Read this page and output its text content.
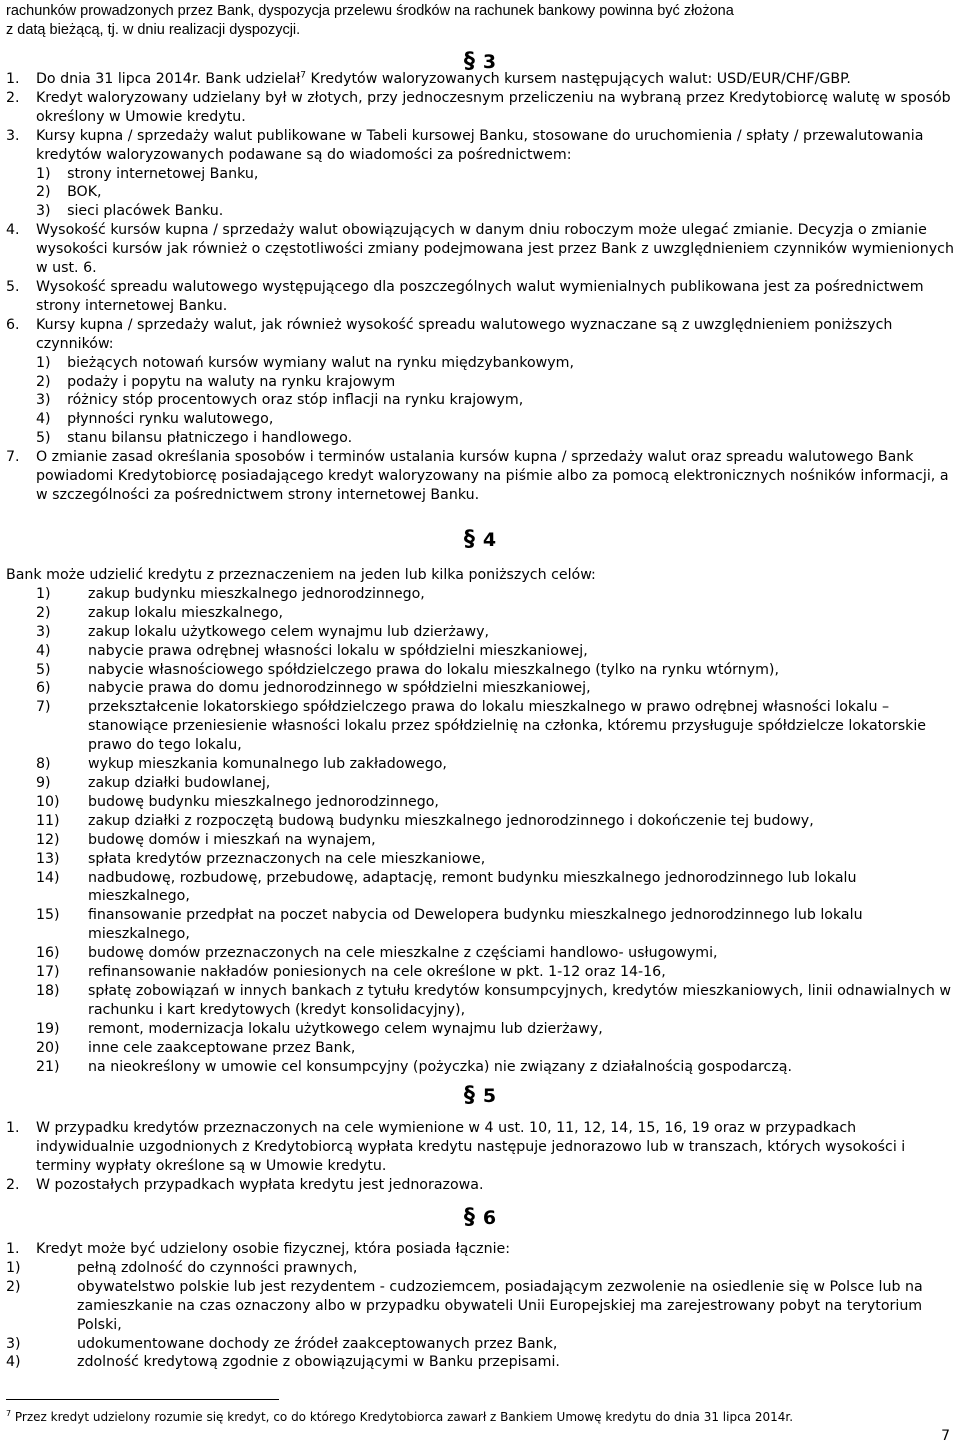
rachunków prowadzonych przez Bank, dyspozycja przelewu środków na rachunek bankowy powinna być złożona
z datą bieżącą, tj. w dniu realizacji dyspozycji.
§ 3
1. Do dnia 31 lipca 2014r. Bank udzielał$^7$ Kredytów waloryzowanych kursem następujących walut: USD/EUR/CHF/GBP.
2. Kredyt waloryzowany udzielany był w złotych, przy jednoczesnym przeliczeniu na wybraną przez Kredytobiorcę walutę w sposób określony w Umowie kredytu.
3. Kursy kupna / sprzedaży walut publikowane w Tabeli kursowej Banku, stosowane do uruchomienia / spłaty / przewalutowania kredytów waloryzowanych podawane są do wiadomości za pośrednictwem:
1) strony internetowej Banku,
2) BOK,
3) sieci placówek Banku.
4. Wysokość kursów kupna / sprzedaży walut obowiązujących w danym dniu roboczym może ulegać zmianie. Decyzja o zmianie wysokości kursów jak również o częstotliwości zmiany podejmowana jest przez Bank z uwzględnieniem czynników wymienionych w ust. 6.
5. Wysokość spreadu walutowego występującego dla poszczególnych walut wymienialnych publikowana jest za pośrednictwem strony internetowej Banku.
6. Kursy kupna / sprzedaży walut, jak również wysokość spreadu walutowego wyznaczane są z uwzględnieniem poniższych czynników:
1) bieżących notowań kursów wymiany walut na rynku międzybankowym,
2) podaży i popytu na waluty na rynku krajowym
3) różnicy stóp procentowych oraz stóp inflacji na rynku krajowym,
4) płynności rynku walutowego,
5) stanu bilansu płatniczego i handlowego.
7. O zmianie zasad określania sposobów i terminów ustalania kursów kupna / sprzedaży walut oraz spreadu walutowego Bank powiadomi Kredytobiorcę posiadającego kredyt waloryzowany na piśmie albo za pomocą elektronicznych nośników informacji, a w szczególności za pośrednictwem strony internetowej Banku.
§ 4
Bank może udzielić kredytu z przeznaczeniem na jeden lub kilka poniższych celów:
1)	zakup budynku mieszkalnego jednorodzinnego,
2)	zakup lokalu mieszkalnego,
3)	zakup lokalu użytkowego celem wynajmu lub dzierżawy,
4)	nabycie prawa odrębnej własności lokalu w spółdzielni mieszkaniowej,
5)	nabycie własnościowego spółdzielczego prawa do lokalu mieszkalnego (tylko na rynku wtórnym),
6)	nabycie prawa do domu jednorodzinnego w spółdzielni mieszkaniowej,
7)	przekształcenie lokatorskiego spółdzielczego prawa do lokalu mieszkalnego w prawo odrębnej własności lokalu – stanowiące przeniesienie własności lokalu przez spółdzielnię na członka, któremu przysługuje spółdzielcze lokatorskie prawo do tego lokalu,
8)	wykup mieszkania komunalnego lub zakładowego,
9)	zakup działki budowlanej,
10) budowę budynku mieszkalnego jednorodzinnego,
11) zakup działki z rozpoczętą budową budynku mieszkalnego jednorodzinnego i dokończenie tej budowy,
12) budowę domów i mieszkań na wynajem,
13) spłata kredytów przeznaczonych na cele mieszkaniowe,
14) nadbudowę, rozbudowę, przebudowę, adaptację, remont budynku mieszkalnego jednorodzinnego lub lokalu mieszkalnego,
15) finansowanie przedpłat na poczet nabycia od Dewelopera budynku mieszkalnego jednorodzinnego lub lokalu mieszkalnego,
16) budowę domów przeznaczonych na cele mieszkalne z częściami handlowo- usługowymi,
17) refinansowanie nakładów poniesionych na cele określone w pkt. 1-12 oraz 14-16,
18) spłatę zobowiązań w innych bankach z tytułu kredytów konsumpcyjnych, kredytów mieszkaniowych, linii odnawialnych w rachunku i kart kredytowych (kredyt konsolidacyjny),
19) remont, modernizacja lokalu użytkowego celem wynajmu lub dzierżawy,
20) inne cele zaakceptowane przez Bank,
21) na nieokreślony w umowie cel konsumpcyjny (pożyczka) nie związany z działalnością gospodarczą.
§ 5
1. W przypadku kredytów przeznaczonych na cele wymienione w 4 ust. 10, 11, 12, 14, 15, 16, 19 oraz w przypadkach indywidualnie uzgodnionych z Kredytobiorcą wypłata kredytu następuje jednorazowo lub w transzach, których wysokości i terminy wypłaty określone są w Umowie kredytu.
2. W pozostałych przypadkach wypłata kredytu jest jednorazowa.
§ 6
1. Kredyt może być udzielony osobie fizycznej, która posiada łącznie:
1)	pełną zdolność do czynności prawnych,
2)	obywatelstwo polskie lub jest rezydentem - cudzoziemcem, posiadającym zezwolenie na osiedlenie się w Polsce lub na zamieszkanie na czas oznaczony albo w przypadku obywateli Unii Europejskiej ma zarejestrowany pobyt na terytorium Polski,
3)	udokumentowane dochody ze źródeł zaakceptowanych przez Bank,
4)	zdolność kredytową zgodnie z obowiązującymi w Banku przepisami.
$^7$ Przez kredyt udzielony rozumie się kredyt, co do którego Kredytobiorca zawarł z Bankiem Umowę kredytu do dnia 31 lipca 2014r.
7
